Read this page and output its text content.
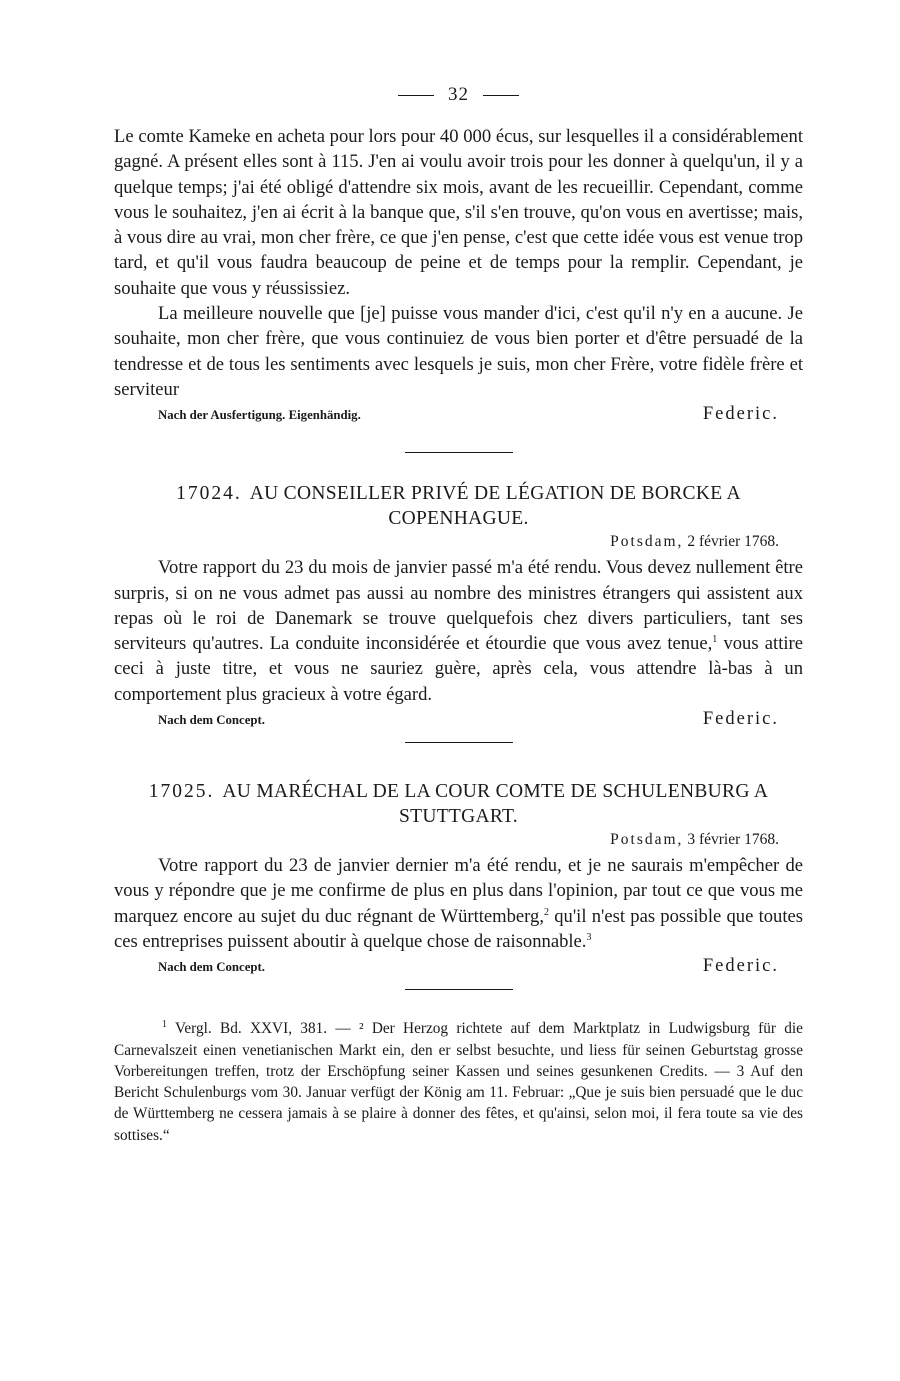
32

Le comte Kameke en acheta pour lors pour 40 000 écus, sur lesquelles il a considérablement gagné. A présent elles sont à 115. J'en ai voulu avoir trois pour les donner à quelqu'un, il y a quelque temps; j'ai été obligé d'attendre six mois, avant de les recueillir. Cependant, comme vous le souhaitez, j'en ai écrit à la banque que, s'il s'en trouve, qu'on vous en avertisse; mais, à vous dire au vrai, mon cher frère, ce que j'en pense, c'est que cette idée vous est venue trop tard, et qu'il vous faudra beaucoup de peine et de temps pour la remplir. Cependant, je souhaite que vous y réussissiez.

La meilleure nouvelle que [je] puisse vous mander d'ici, c'est qu'il n'y en a aucune. Je souhaite, mon cher frère, que vous continuiez de vous bien porter et d'être persuadé de la tendresse et de tous les sentiments avec lesquels je suis, mon cher Frère, votre fidèle frère et serviteur

Nach der Ausfertigung. Eigenhändig.	Federic.
17024. AU CONSEILLER PRIVÉ DE LÉGATION DE BORCKE A COPENHAGUE.
Potsdam, 2 février 1768.

Votre rapport du 23 du mois de janvier passé m'a été rendu. Vous devez nullement être surpris, si on ne vous admet pas aussi au nombre des ministres étrangers qui assistent aux repas où le roi de Danemark se trouve quelquefois chez divers particuliers, tant ses serviteurs qu'autres. La conduite inconsidérée et étourdie que vous avez tenue,$^1$ vous attire ceci à juste titre, et vous ne sauriez guère, après cela, vous attendre là-bas à un comportement plus gracieux à votre égard.

Nach dem Concept.	Federic.
17025. AU MARÉCHAL DE LA COUR COMTE DE SCHULENBURG A STUTTGART.
Potsdam, 3 février 1768.

Votre rapport du 23 de janvier dernier m'a été rendu, et je ne saurais m'empêcher de vous y répondre que je me confirme de plus en plus dans l'opinion, par tout ce que vous me marquez encore au sujet du duc régnant de Württemberg,$^2$ qu'il n'est pas possible que toutes ces entreprises puissent aboutir à quelque chose de raisonnable.$^3$

Nach dem Concept.	Federic.

$^1$ Vergl. Bd. XXVI, 381. — ² Der Herzog richtete auf dem Marktplatz in Ludwigsburg für die Carnevalszeit einen venetianischen Markt ein, den er selbst besuchte, und liess für seinen Geburtstag grosse Vorbereitungen treffen, trotz der Erschöpfung seiner Kassen und seines gesunkenen Credits. — 3 Auf den Bericht Schulenburgs vom 30. Januar verfügt der König am 11. Februar: „Que je suis bien persuadé que le duc de Württemberg ne cessera jamais à se plaire à donner des fêtes, et qu'ainsi, selon moi, il fera toute sa vie des sottises.“
